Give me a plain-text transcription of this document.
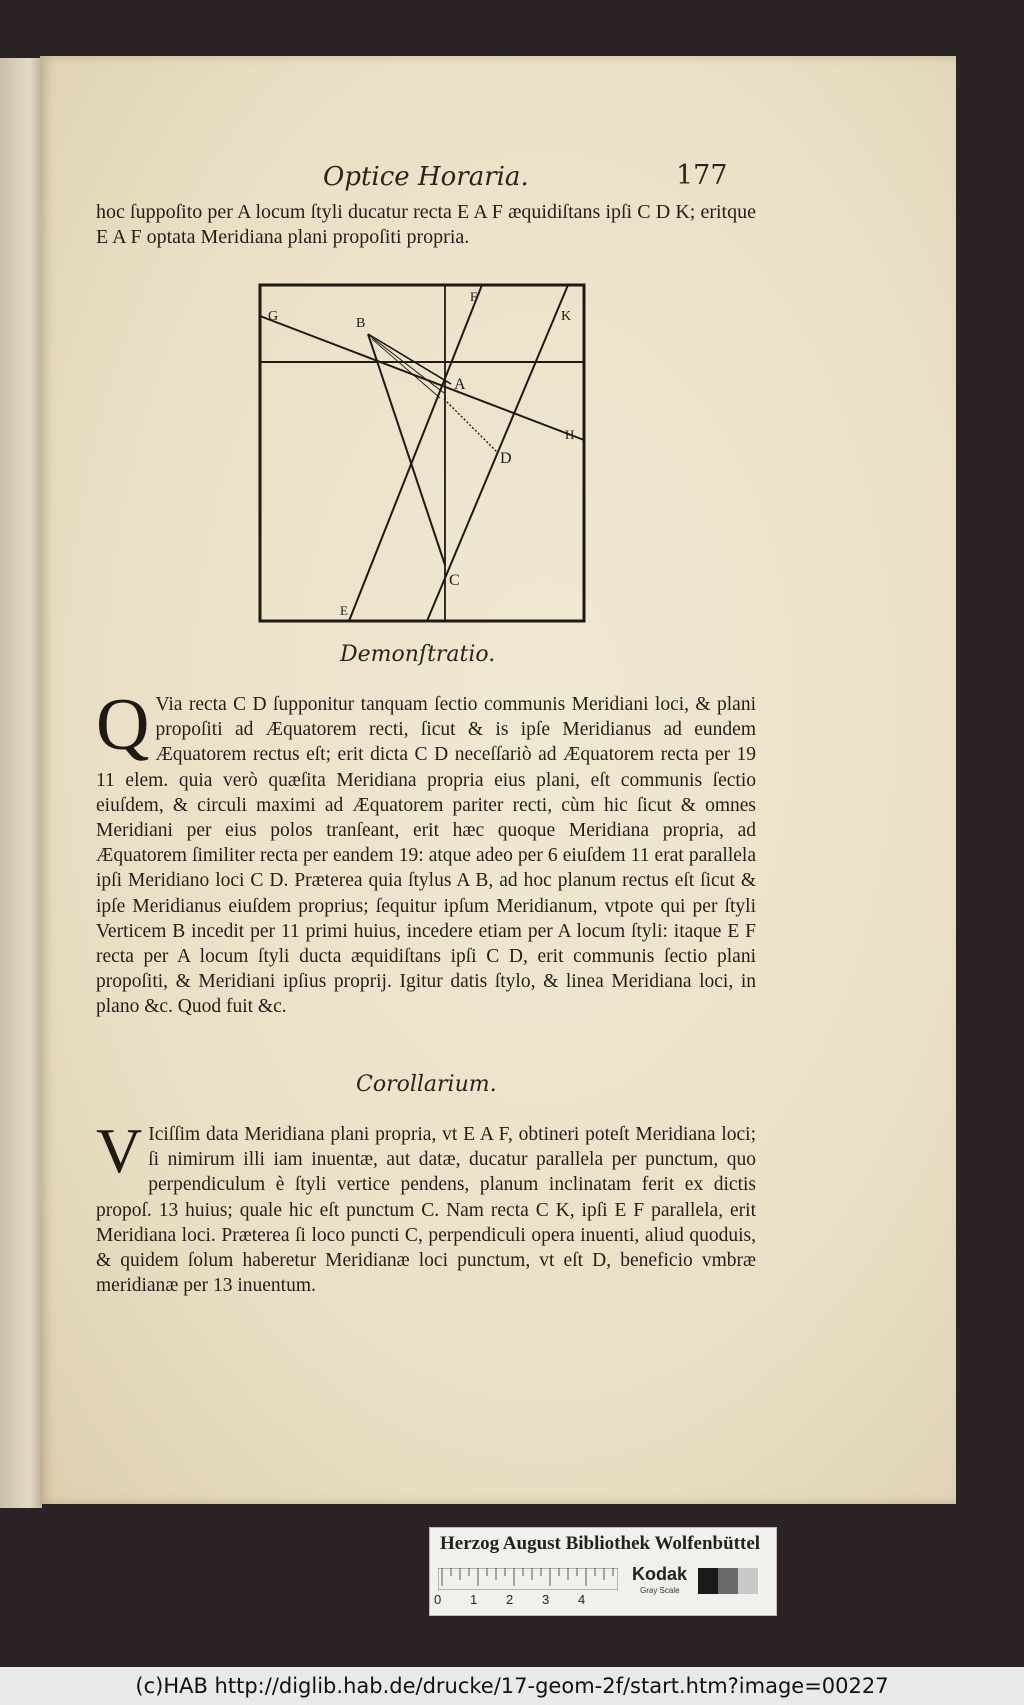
Optice Horaria.	177
hoc ſuppoſito per A locum ſtyli ducatur recta E A F æquidiſtans ipſi C D K; eritque E A F optata Meridiana plani propoſiti propria.
G	B
F
K
A
H
D
C
E
Demonſtratio.
Q Via recta C D ſupponitur tanquam ſectio communis Meridiani loci, & plani propoſiti ad Æquatorem recti, ſicut & is ipſe Meridianus ad eundem Æquatorem rectus eſt; erit dicta C D neceſſariò ad Æquatorem recta per 19 11 elem. quia verò quæſita Meridiana propria eius plani, eſt communis ſectio eiuſdem, & circuli maximi ad Æquatorem pariter recti, cùm hic ſicut & omnes Meridiani per eius polos tranſeant, erit hæc quoque Meridiana propria, ad Æquatorem ſimiliter recta per eandem 19: atque adeo per 6 eiuſdem 11 erat parallela ipſi Meridiano loci C D. Præterea quia ſtylus A B, ad hoc planum rectus eſt ſicut & ipſe Meridianus eiuſdem proprius; ſequitur ipſum Meridianum, vtpote qui per ſtyli Verticem B incedit per 11 primi huius, incedere etiam per A locum ſtyli: itaque E F recta per A locum ſtyli ducta æquidiſtans ipſi C D, erit communis ſectio plani propoſiti, & Meridiani ipſius proprij. Igitur datis ſtylo, & linea Meridiana loci, in plano &c. Quod fuit &c.
Corollarium.
V Iciſſim data Meridiana plani propria, vt E A F, obtineri poteſt Meridiana loci; ſi nimirum illi iam inuentæ, aut datæ, ducatur parallela per punctum, quo perpendiculum è ſtyli vertice pendens, planum inclinatam ferit ex dictis propoſ. 13 huius; quale hic eſt punctum C. Nam recta C K, ipſi E F parallela, erit Meridiana loci. Præterea ſi loco puncti C, perpendiculi opera inuenti, aliud quoduis, & quidem ſolum haberetur Meridianæ loci punctum, vt eſt D, beneficio vmbræ meridianæ per 13 inuentum.
Herzog August Bibliothek Wolfenbüttel
0 1 2 3 4
Kodak
Gray Scale
(c)HAB http://diglib.hab.de/drucke/17-geom-2f/start.htm?image=00227
